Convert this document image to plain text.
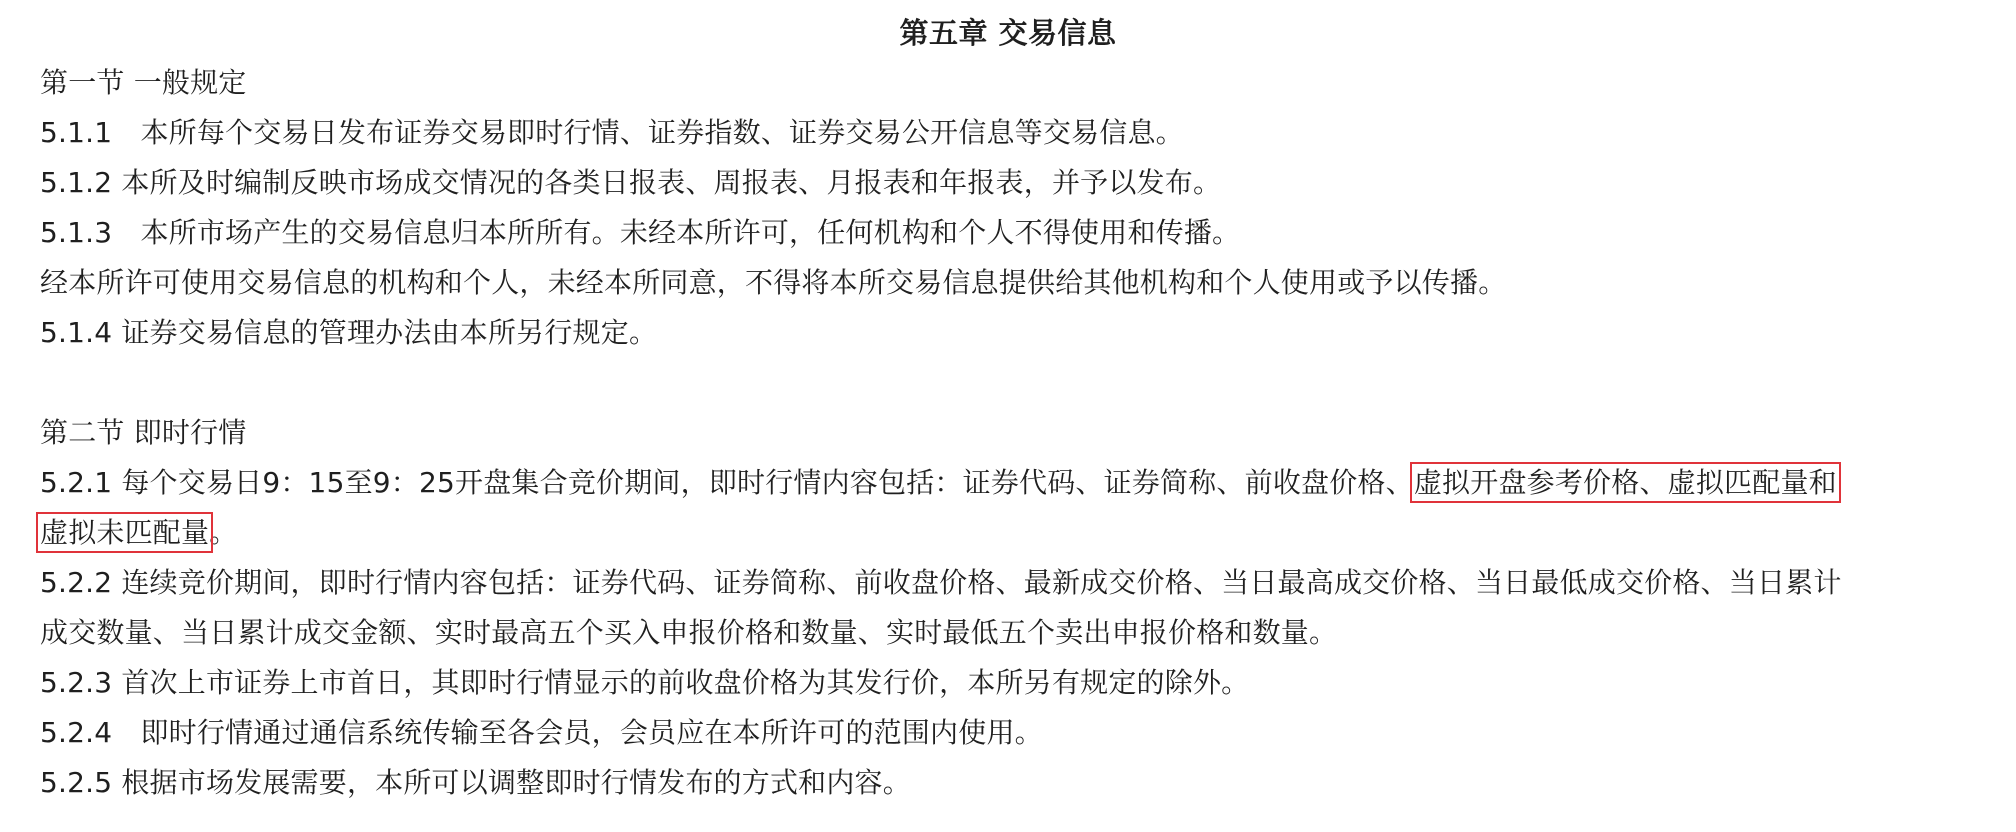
第五章 交易信息
第一节 一般规定
5.1.1　本所每个交易日发布证券交易即时行情、证券指数、证券交易公开信息等交易信息。
5.1.2 本所及时编制反映市场成交情况的各类日报表、周报表、月报表和年报表，并予以发布。
5.1.3　本所市场产生的交易信息归本所所有。未经本所许可，任何机构和个人不得使用和传播。
经本所许可使用交易信息的机构和个人，未经本所同意，不得将本所交易信息提供给其他机构和个人使用或予以传播。
5.1.4 证券交易信息的管理办法由本所另行规定。
第二节 即时行情
5.2.1 每个交易日9：15至9：25开盘集合竞价期间，即时行情内容包括：证券代码、证券简称、前收盘价格、虚拟开盘参考价格、虚拟匹配量和
虚拟未匹配量。
5.2.2 连续竞价期间，即时行情内容包括：证券代码、证券简称、前收盘价格、最新成交价格、当日最高成交价格、当日最低成交价格、当日累计
成交数量、当日累计成交金额、实时最高五个买入申报价格和数量、实时最低五个卖出申报价格和数量。
5.2.3 首次上市证券上市首日，其即时行情显示的前收盘价格为其发行价，本所另有规定的除外。
5.2.4　即时行情通过通信系统传输至各会员，会员应在本所许可的范围内使用。
5.2.5 根据市场发展需要，本所可以调整即时行情发布的方式和内容。
